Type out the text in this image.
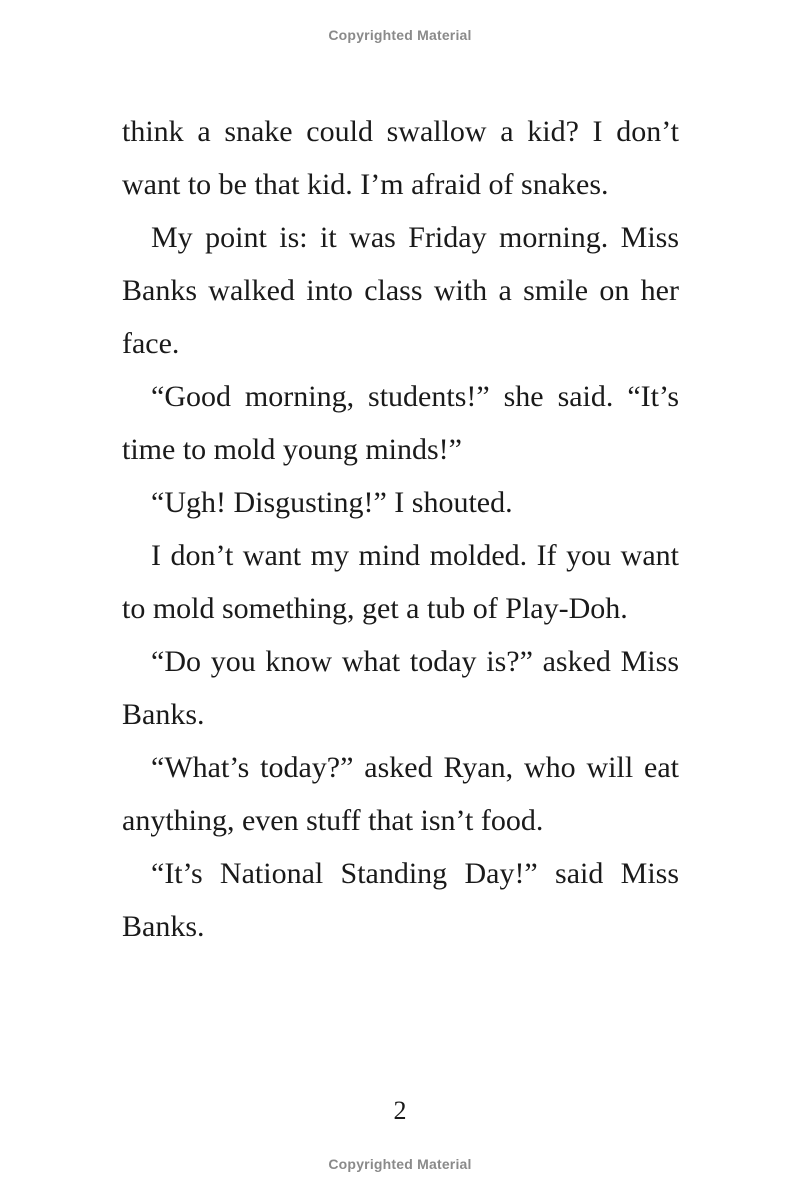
Copyrighted Material

think a snake could swallow a kid? I don’t want to be that kid. I’m afraid of snakes.

My point is: it was Friday morning. Miss Banks walked into class with a smile on her face.

“Good morning, students!” she said. “It’s time to mold young minds!”

“Ugh! Disgusting!” I shouted.

I don’t want my mind molded. If you want to mold something, get a tub of Play-Doh.

“Do you know what today is?” asked Miss Banks.

“What’s today?” asked Ryan, who will eat anything, even stuff that isn’t food.

“It’s National Standing Day!” said Miss Banks.

2
Copyrighted Material
